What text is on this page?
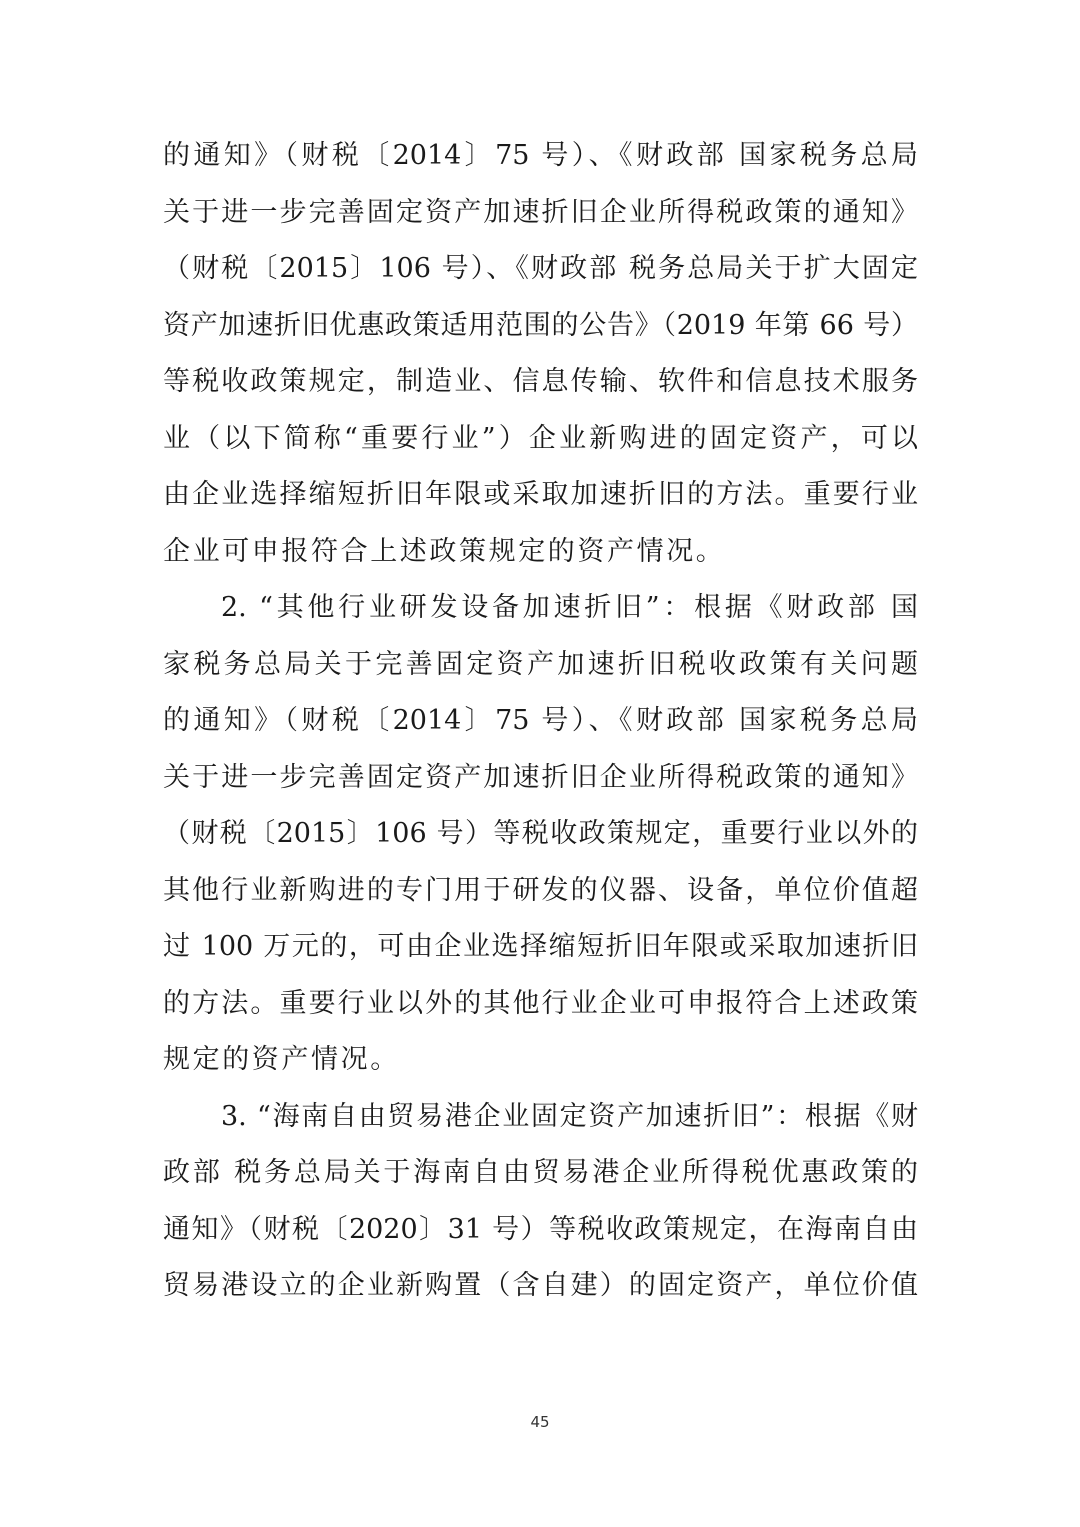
的通知》（财税〔2014〕75 号）、《财政部 国家税务总局
关于进一步完善固定资产加速折旧企业所得税政策的通知》
（财税〔2015〕106 号）、《财政部 税务总局关于扩大固定
资产加速折旧优惠政策适用范围的公告》（2019 年第 66 号）
等税收政策规定，制造业、信息传输、软件和信息技术服务
业（以下简称“重要行业”）企业新购进的固定资产，可以
由企业选择缩短折旧年限或采取加速折旧的方法。重要行业
企业可申报符合上述政策规定的资产情况。
2. “其他行业研发设备加速折旧”：根据《财政部 国
家税务总局关于完善固定资产加速折旧税收政策有关问题
的通知》（财税〔2014〕75 号）、《财政部 国家税务总局
关于进一步完善固定资产加速折旧企业所得税政策的通知》
（财税〔2015〕106 号）等税收政策规定，重要行业以外的
其他行业新购进的专门用于研发的仪器、设备，单位价值超
过 100 万元的，可由企业选择缩短折旧年限或采取加速折旧
的方法。重要行业以外的其他行业企业可申报符合上述政策
规定的资产情况。
3. “海南自由贸易港企业固定资产加速折旧”：根据《财
政部 税务总局关于海南自由贸易港企业所得税优惠政策的
通知》（财税〔2020〕31 号）等税收政策规定，在海南自由
贸易港设立的企业新购置（含自建）的固定资产，单位价值
45
